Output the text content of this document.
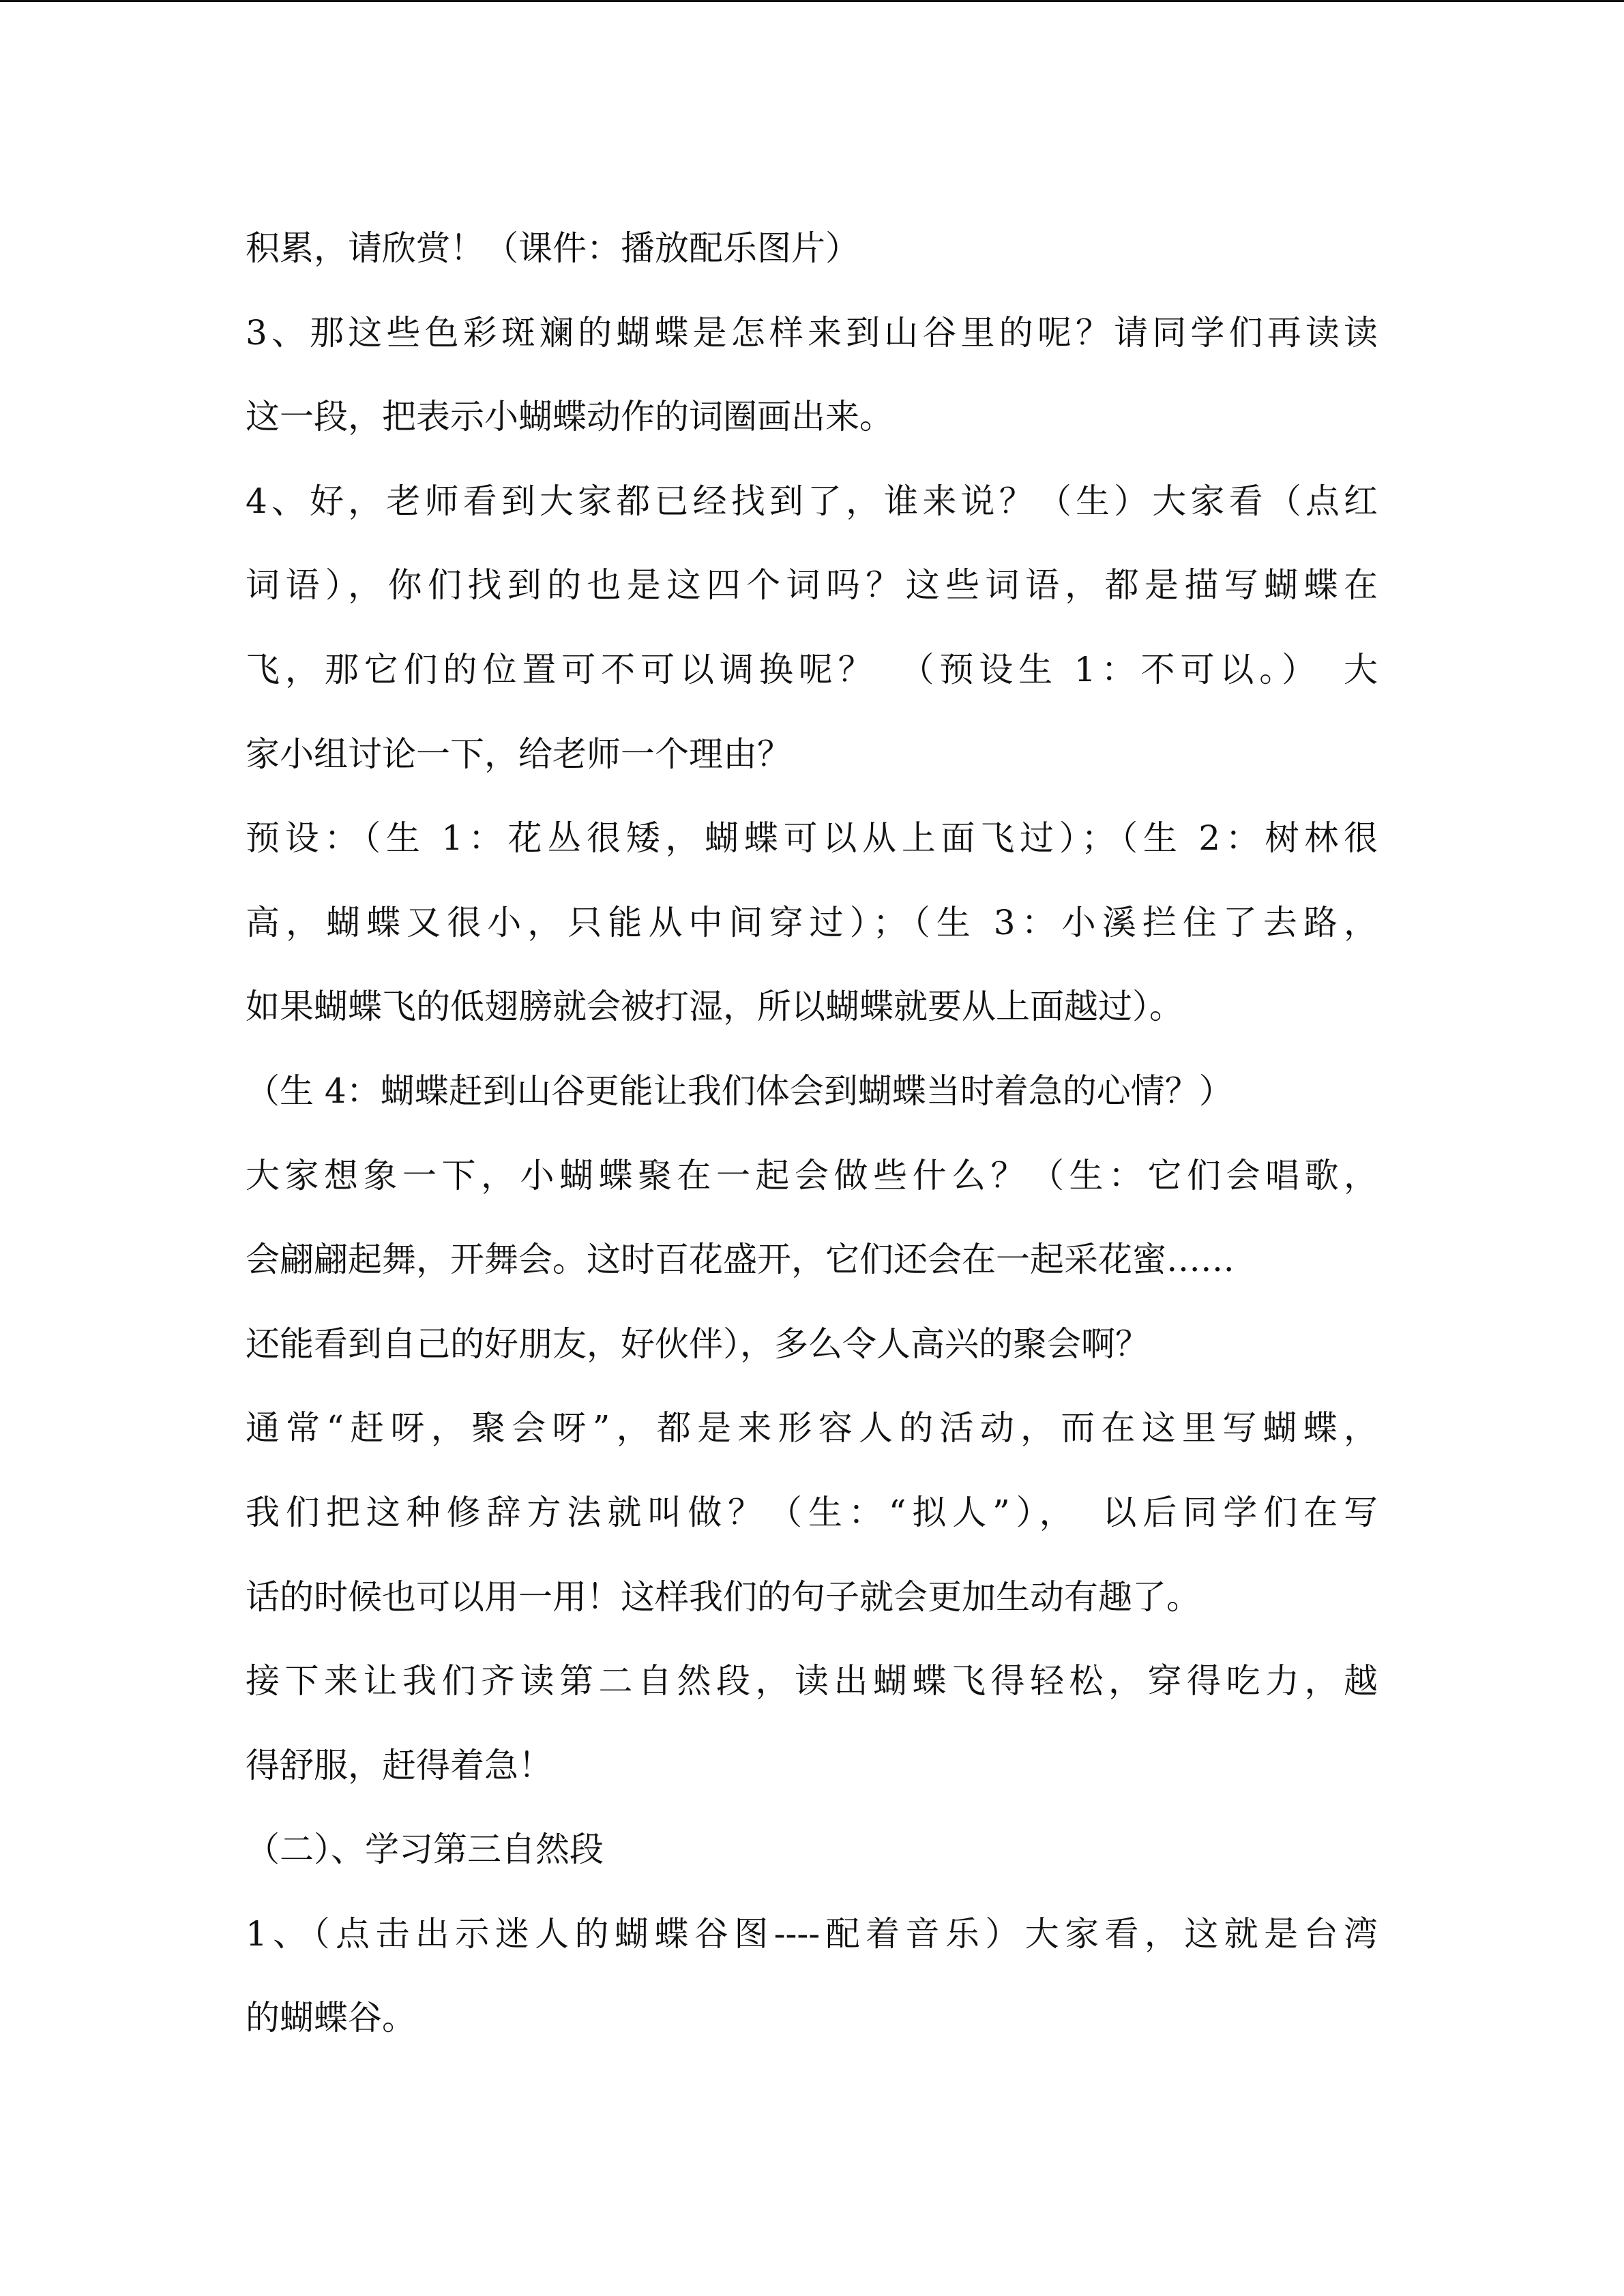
积累，请欣赏！（课件：播放配乐图片）
3、那这些色彩斑斓的蝴蝶是怎样来到山谷里的呢？请同学们再读读
这一段，把表示小蝴蝶动作的词圈画出来。
4、好，老师看到大家都已经找到了，谁来说？（生）大家看（点红
词语），你们找到的也是这四个词吗？这些词语，都是描写蝴蝶在
飞，那它们的位置可不可以调换呢？　（预设生 1：不可以。）　大
家小组讨论一下，给老师一个理由？
预设：（生 1：花丛很矮，蝴蝶可以从上面飞过）；（生 2：树林很
高，蝴蝶又很小，只能从中间穿过）；（生 3：小溪拦住了去路，
如果蝴蝶飞的低翅膀就会被打湿，所以蝴蝶就要从上面越过）。
（生 4：蝴蝶赶到山谷更能让我们体会到蝴蝶当时着急的心情？）
大家想象一下，小蝴蝶聚在一起会做些什么？（生：它们会唱歌，
会翩翩起舞，开舞会。这时百花盛开，它们还会在一起采花蜜……
还能看到自己的好朋友，好伙伴），多么令人高兴的聚会啊？
通常“赶呀，聚会呀”，都是来形容人的活动，而在这里写蝴蝶，
我们把这种修辞方法就叫做？（生：“拟人”），　以后同学们在写
话的时候也可以用一用！这样我们的句子就会更加生动有趣了。
接下来让我们齐读第二自然段，读出蝴蝶飞得轻松，穿得吃力，越
得舒服，赶得着急！
（二）、学习第三自然段
1、（点击出示迷人的蝴蝶谷图----配着音乐）大家看，这就是台湾
的蝴蝶谷。
